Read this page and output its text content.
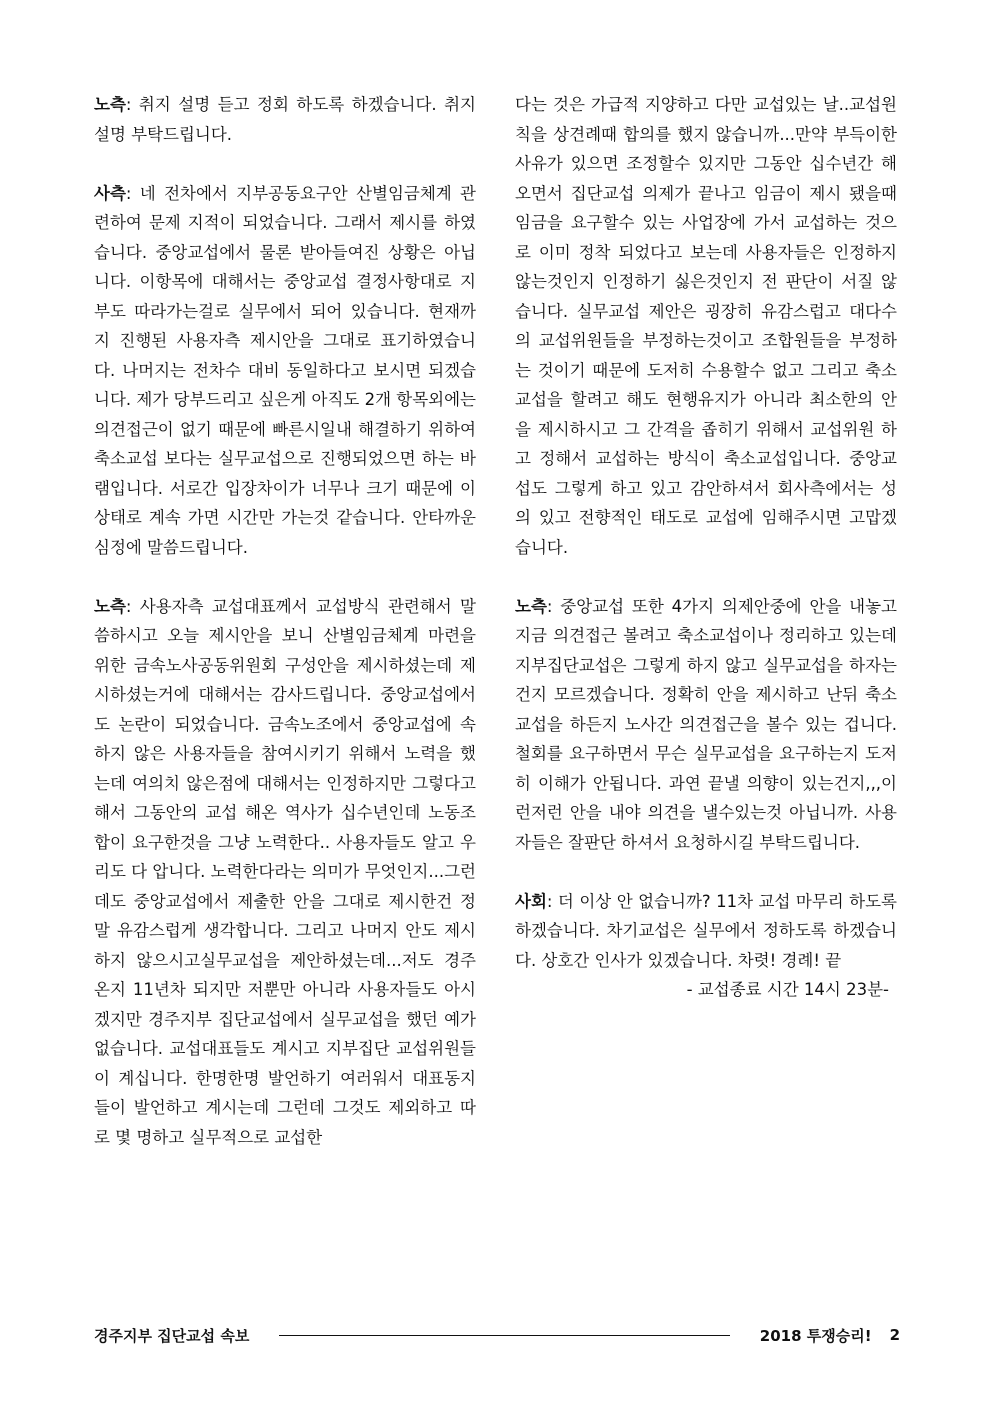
노측: 취지 설명 듣고 정회 하도록 하겠습니다. 취지 설명 부탁드립니다.

사측: 네 전차에서 지부공동요구안 산별임금체계 관련하여 문제 지적이 되었습니다. 그래서 제시를 하였습니다. 중앙교섭에서 물론 받아들여진 상황은 아닙니다. 이항목에 대해서는 중앙교섭 결정사항대로 지부도 따라가는걸로 실무에서 되어 있습니다. 현재까지 진행된 사용자측 제시안을 그대로 표기하였습니다. 나머지는 전차수 대비 동일하다고 보시면 되겠습니다. 제가 당부드리고 싶은게 아직도 2개 항목외에는 의견접근이 없기 때문에 빠른시일내 해결하기 위하여 축소교섭 보다는 실무교섭으로 진행되었으면 하는 바램입니다. 서로간 입장차이가 너무나 크기 때문에 이상태로 계속 가면 시간만 가는것 같습니다. 안타까운 심정에 말씀드립니다.

노측: 사용자측 교섭대표께서 교섭방식 관련해서 말씀하시고 오늘 제시안을 보니 산별임금체계 마련을 위한 금속노사공동위원회 구성안을 제시하셨는데 제시하셨는거에 대해서는 감사드립니다. 중앙교섭에서도 논란이 되었습니다. 금속노조에서 중앙교섭에 속하지 않은 사용자들을 참여시키기 위해서 노력을 했는데 여의치 않은점에 대해서는 인정하지만 그렇다고 해서 그동안의 교섭 해온 역사가 십수년인데 노동조합이 요구한것을 그냥 노력한다.. 사용자들도 알고 우리도 다 압니다. 노력한다라는 의미가 무엇인지...그런데도 중앙교섭에서 제출한 안을 그대로 제시한건 정말 유감스럽게 생각합니다. 그리고 나머지 안도 제시하지 않으시고실무교섭을 제안하셨는데...저도 경주온지 11년차 되지만 저뿐만 아니라 사용자들도 아시겠지만 경주지부 집단교섭에서 실무교섭을 했던 예가 없습니다. 교섭대표들도 계시고 지부집단 교섭위원들이 계십니다. 한명한명 발언하기 여러워서 대표동지들이 발언하고 계시는데 그런데 그것도 제외하고 따로 몇 명하고 실무적으로 교섭한

다는 것은 가급적 지양하고 다만 교섭있는 날..교섭원칙을 상견례때 합의를 했지 않습니까...만약 부득이한 사유가 있으면 조정할수 있지만 그동안 십수년간 해오면서 집단교섭 의제가 끝나고 임금이 제시 됐을때 임금을 요구할수 있는 사업장에 가서 교섭하는 것으로 이미 정착 되었다고 보는데 사용자들은 인정하지 않는것인지 인정하기 싫은것인지 전 판단이 서질 않습니다. 실무교섭 제안은 굉장히 유감스럽고 대다수의 교섭위원들을 부정하는것이고 조합원들을 부정하는 것이기 때문에 도저히 수용할수 없고 그리고 축소교섭을 할려고 해도 현행유지가 아니라 최소한의 안을 제시하시고 그 간격을 좁히기 위해서 교섭위원 하고 정해서 교섭하는 방식이 축소교섭입니다. 중앙교섭도 그렇게 하고 있고 감안하셔서 회사측에서는 성의 있고 전향적인 태도로 교섭에 임해주시면 고맙겠습니다.

노측: 중앙교섭 또한 4가지 의제안중에 안을 내놓고 지금 의견접근 볼려고 축소교섭이나 정리하고 있는데 지부집단교섭은 그렇게 하지 않고 실무교섭을 하자는건지 모르겠습니다. 정확히 안을 제시하고 난뒤 축소교섭을 하든지 노사간 의견접근을 볼수 있는 겁니다. 철회를 요구하면서 무슨 실무교섭을 요구하는지 도저히 이해가 안됩니다. 과연 끝낼 의향이 있는건지,,,이런저런 안을 내야 의견을 낼수있는것 아닙니까. 사용자들은 잘판단 하셔서 요청하시길 부탁드립니다.

사회: 더 이상 안 없습니까? 11차 교섭 마무리 하도록 하겠습니다. 차기교섭은 실무에서 정하도록 하겠습니다. 상호간 인사가 있겠습니다. 차렷! 경례! 끝

- 교섭종료 시간 14시 23분-
경주지부 집단교섭 속보	2018 투쟁승리! 2
